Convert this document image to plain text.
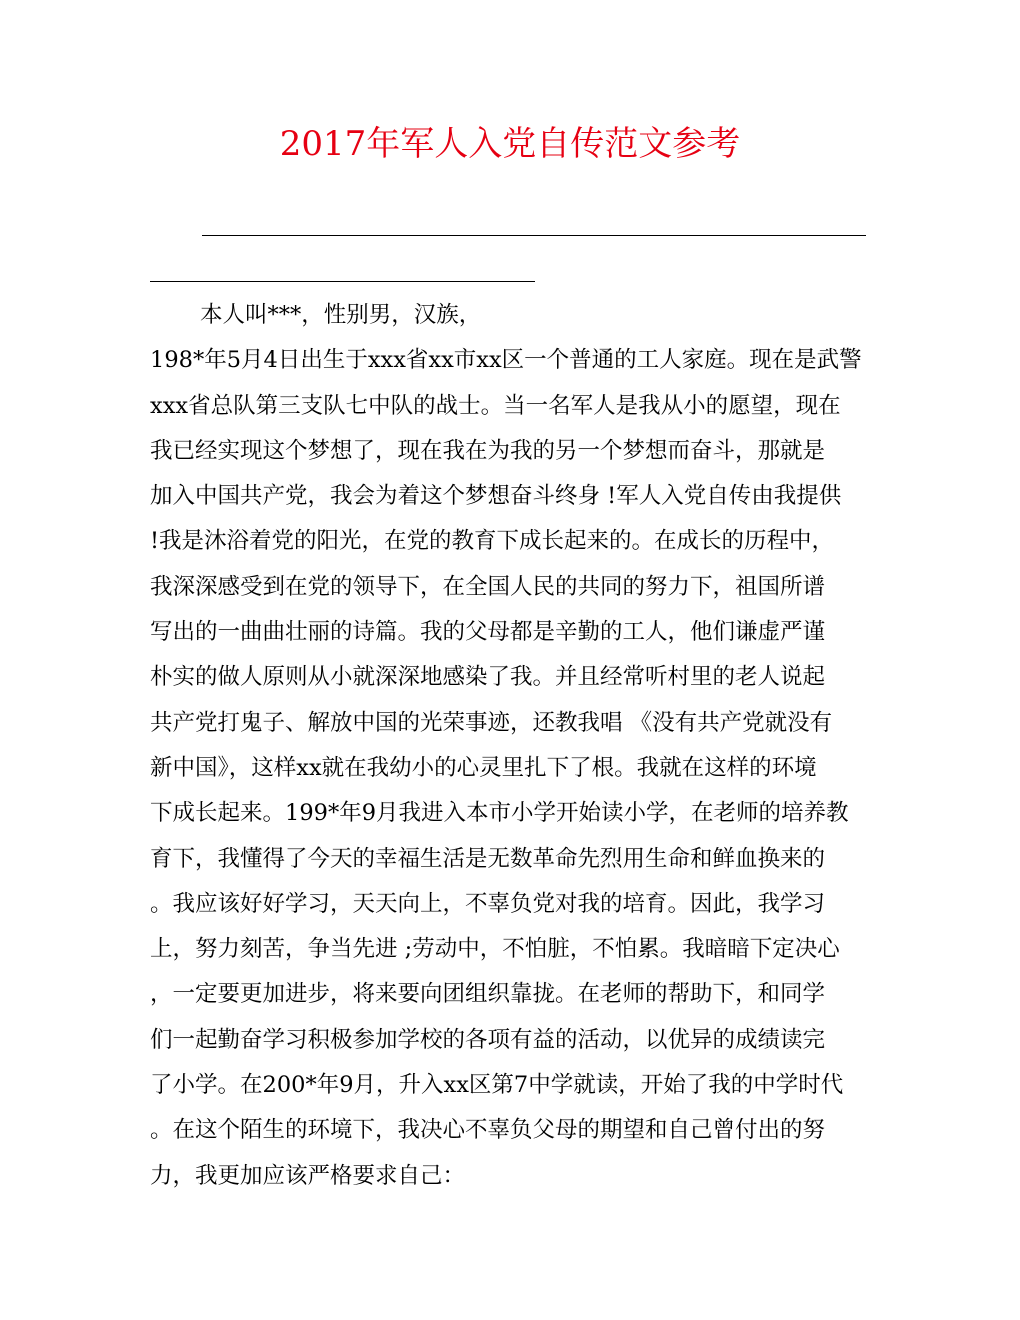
2017年军人入党自传范文参考
本人叫***，性别男，汉族，
198*年5月4日出生于xxx省xx市xx区一个普通的工人家庭。现在是武警
xxx省总队第三支队七中队的战士。当一名军人是我从小的愿望，现在
我已经实现这个梦想了，现在我在为我的另一个梦想而奋斗，那就是
加入中国共产党，我会为着这个梦想奋斗终身 !军人入党自传由我提供
!我是沐浴着党的阳光，在党的教育下成长起来的。在成长的历程中，
我深深感受到在党的领导下，在全国人民的共同的努力下，祖国所谱
写出的一曲曲壮丽的诗篇。我的父母都是辛勤的工人，他们谦虚严谨
朴实的做人原则从小就深深地感染了我。并且经常听村里的老人说起
共产党打鬼子、解放中国的光荣事迹，还教我唱 《没有共产党就没有
新中国》，这样xx就在我幼小的心灵里扎下了根。我就在这样的环境
下成长起来。199*年9月我进入本市小学开始读小学，在老师的培养教
育下，我懂得了今天的幸福生活是无数革命先烈用生命和鲜血换来的
。我应该好好学习，天天向上，不辜负党对我的培育。因此，我学习
上，努力刻苦，争当先进 ;劳动中，不怕脏，不怕累。我暗暗下定决心
，一定要更加进步，将来要向团组织靠拢。在老师的帮助下，和同学
们一起勤奋学习积极参加学校的各项有益的活动，以优异的成绩读完
了小学。在200*年9月，升入xx区第7中学就读，开始了我的中学时代
。在这个陌生的环境下，我决心不辜负父母的期望和自己曾付出的努
力，我更加应该严格要求自己：
